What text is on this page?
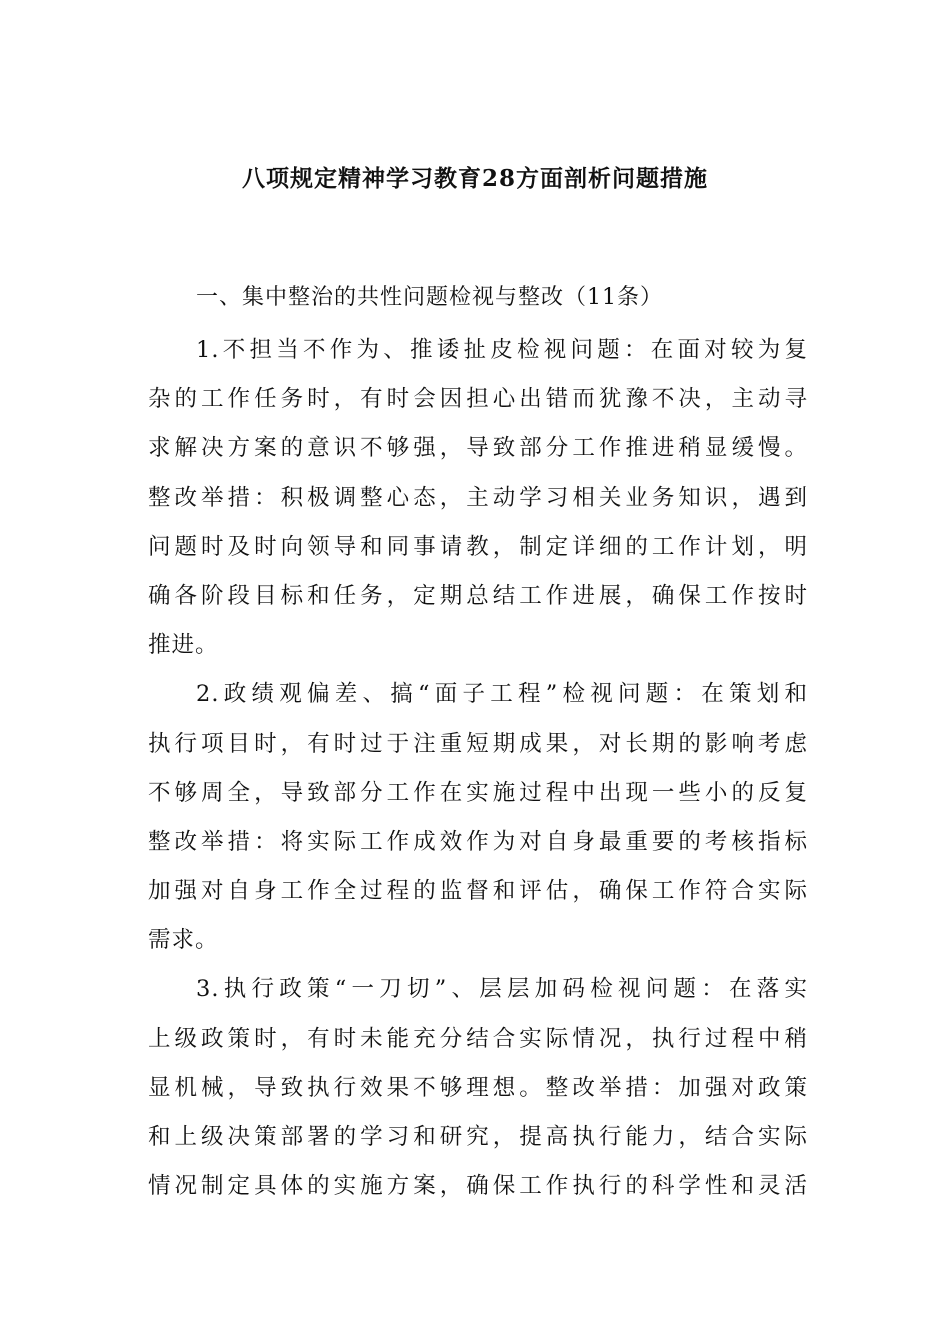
八项规定精神学习教育28方面剖析问题措施

一、集中整治的共性问题检视与整改（11条）

1.不担当不作为、推诿扯皮检视问题：在面对较为复
杂的工作任务时，有时会因担心出错而犹豫不决，主动寻
求解决方案的意识不够强，导致部分工作推进稍显缓慢。
整改举措：积极调整心态，主动学习相关业务知识，遇到
问题时及时向领导和同事请教，制定详细的工作计划，明
确各阶段目标和任务，定期总结工作进展，确保工作按时
推进。
2.政绩观偏差、搞“面子工程”检视问题：在策划和
执行项目时，有时过于注重短期成果，对长期的影响考虑
不够周全，导致部分工作在实施过程中出现一些小的反复
整改举措：将实际工作成效作为对自身最重要的考核指标
加强对自身工作全过程的监督和评估，确保工作符合实际
需求。
3.执行政策“一刀切”、层层加码检视问题：在落实
上级政策时，有时未能充分结合实际情况，执行过程中稍
显机械，导致执行效果不够理想。整改举措：加强对政策
和上级决策部署的学习和研究，提高执行能力，结合实际
情况制定具体的实施方案，确保工作执行的科学性和灵活
